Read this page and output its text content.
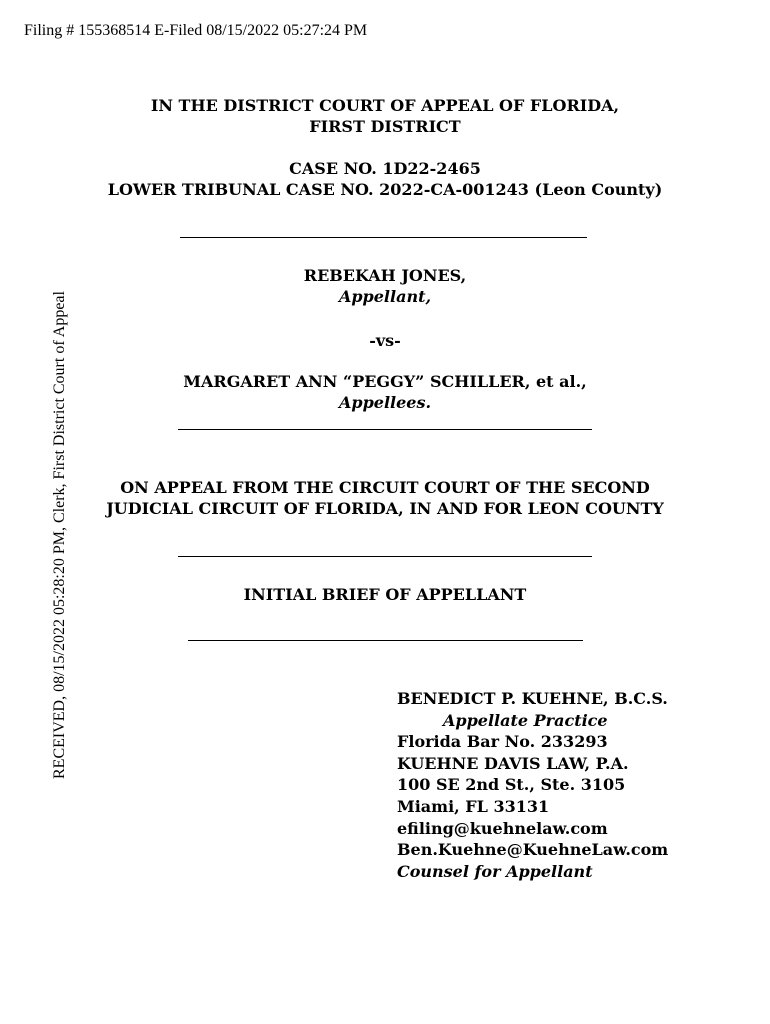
Filing # 155368514 E-Filed 08/15/2022 05:27:24 PM
RECEIVED, 08/15/2022 05:28:20 PM, Clerk, First District Court of Appeal
IN THE DISTRICT COURT OF APPEAL OF FLORIDA,
FIRST DISTRICT
CASE NO. 1D22-2465
LOWER TRIBUNAL CASE NO. 2022-CA-001243 (Leon County)
REBEKAH JONES,
Appellant,
-vs-
MARGARET ANN “PEGGY” SCHILLER, et al.,
Appellees.
ON APPEAL FROM THE CIRCUIT COURT OF THE SECOND
JUDICIAL CIRCUIT OF FLORIDA, IN AND FOR LEON COUNTY
INITIAL BRIEF OF APPELLANT
BENEDICT P. KUEHNE, B.C.S.
Appellate Practice
Florida Bar No. 233293
KUEHNE DAVIS LAW, P.A.
100 SE 2nd St., Ste. 3105
Miami, FL 33131
efiling@kuehnelaw.com
Ben.Kuehne@KuehneLaw.com
Counsel for Appellant
